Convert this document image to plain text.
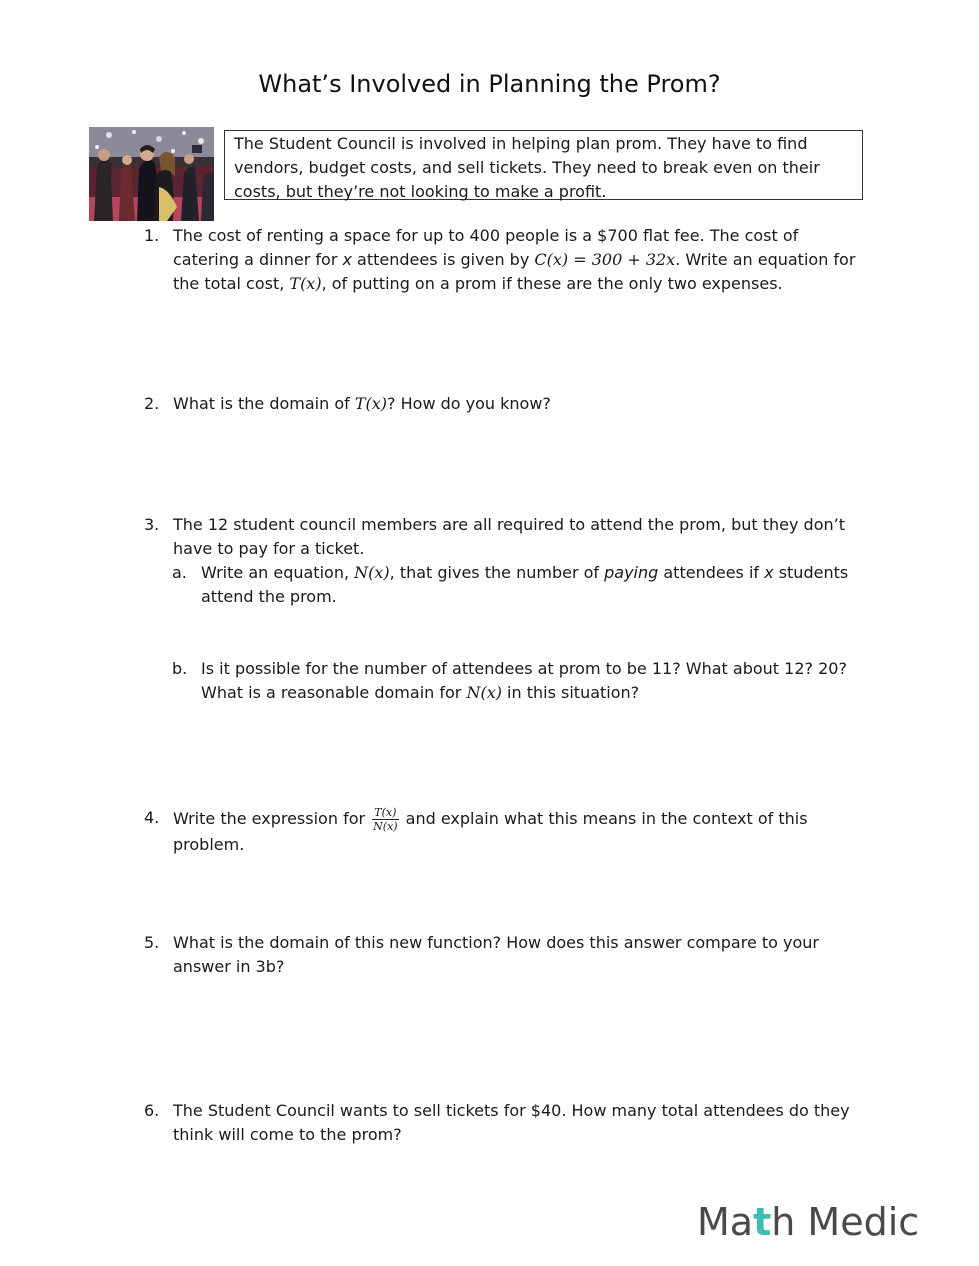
What’s Involved in Planning the Prom?
The Student Council is involved in helping plan prom. They have to find vendors, budget costs, and sell tickets. They need to break even on their costs, but they’re not looking to make a profit.
1. The cost of renting a space for up to 400 people is a $700 flat fee. The cost of catering a dinner for x attendees is given by C(x) = 300 + 32x. Write an equation for the total cost, T(x), of putting on a prom if these are the only two expenses.
2. What is the domain of T(x)? How do you know?
3. The 12 student council members are all required to attend the prom, but they don’t have to pay for a ticket.
a. Write an equation, N(x), that gives the number of paying attendees if x students attend the prom.
b. Is it possible for the number of attendees at prom to be 11? What about 12? 20? What is a reasonable domain for N(x) in this situation?
4. Write the expression for $\frac{T(x)}{N(x)}$ and explain what this means in the context of this problem.
5. What is the domain of this new function? How does this answer compare to your answer in 3b?
6. The Student Council wants to sell tickets for $40. How many total attendees do they think will come to the prom?
Math Medic
